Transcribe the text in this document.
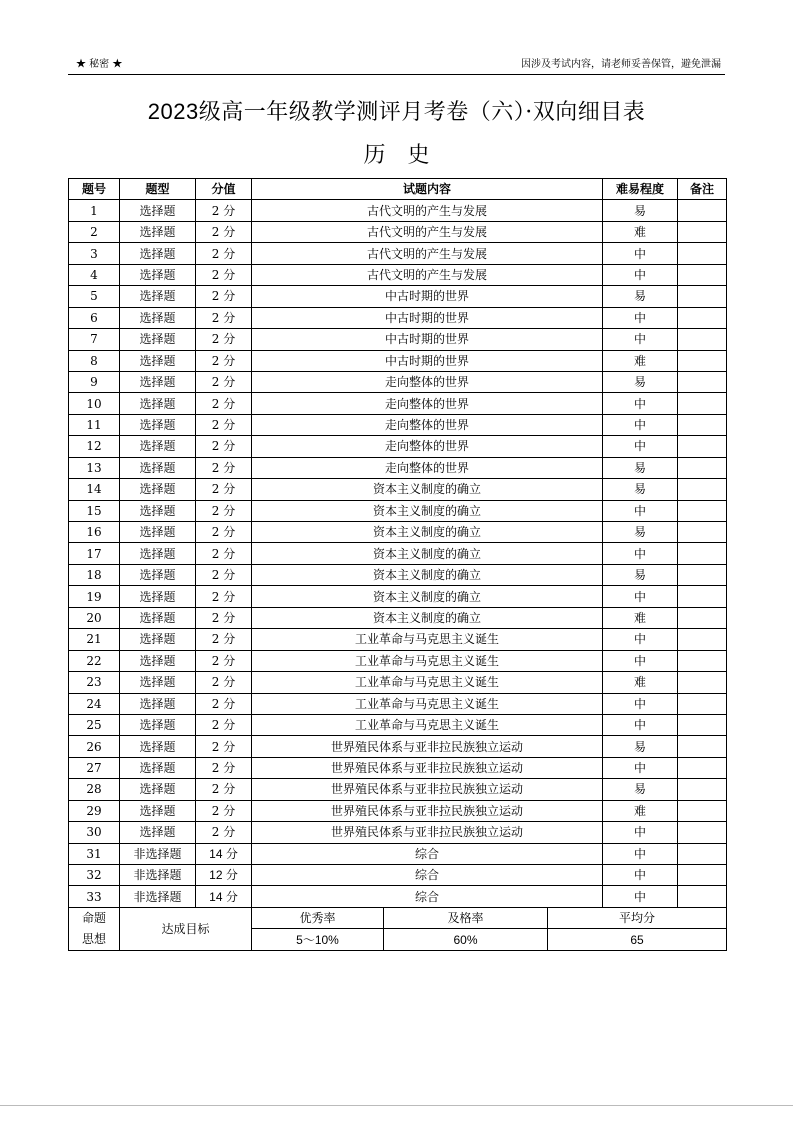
★ 秘密 ★	因涉及考试内容，请老师妥善保管，避免泄漏
2023级高一年级教学测评月考卷（六）·双向细目表
历史
题号	题型	分值	试题内容			难易程度	备注
1	选择题	2 分	古代文明的产生与发展			易	
2	选择题	2 分	古代文明的产生与发展			难	
3	选择题	2 分	古代文明的产生与发展			中	
4	选择题	2 分	古代文明的产生与发展			中	
5	选择题	2 分	中古时期的世界			易	
6	选择题	2 分	中古时期的世界			中	
7	选择题	2 分	中古时期的世界			中	
8	选择题	2 分	中古时期的世界			难	
9	选择题	2 分	走向整体的世界			易	
10	选择题	2 分	走向整体的世界			中	
11	选择题	2 分	走向整体的世界			中	
12	选择题	2 分	走向整体的世界			中	
13	选择题	2 分	走向整体的世界			易	
14	选择题	2 分	资本主义制度的确立			易	
15	选择题	2 分	资本主义制度的确立			中	
16	选择题	2 分	资本主义制度的确立			易	
17	选择题	2 分	资本主义制度的确立			中	
18	选择题	2 分	资本主义制度的确立			易	
19	选择题	2 分	资本主义制度的确立			中	
20	选择题	2 分	资本主义制度的确立			难	
21	选择题	2 分	工业革命与马克思主义诞生			中	
22	选择题	2 分	工业革命与马克思主义诞生			中	
23	选择题	2 分	工业革命与马克思主义诞生			难	
24	选择题	2 分	工业革命与马克思主义诞生			中	
25	选择题	2 分	工业革命与马克思主义诞生			中	
26	选择题	2 分	世界殖民体系与亚非拉民族独立运动			易	
27	选择题	2 分	世界殖民体系与亚非拉民族独立运动			中	
28	选择题	2 分	世界殖民体系与亚非拉民族独立运动			易	
29	选择题	2 分	世界殖民体系与亚非拉民族独立运动			难	
30	选择题	2 分	世界殖民体系与亚非拉民族独立运动			中	
31	非选择题	14 分	综合			中	
32	非选择题	12 分	综合			中	
33	非选择题	14 分	综合			中	
命题
思想	达成目标		优秀率	及格率	平均分		
			5～10%	60%	65		
